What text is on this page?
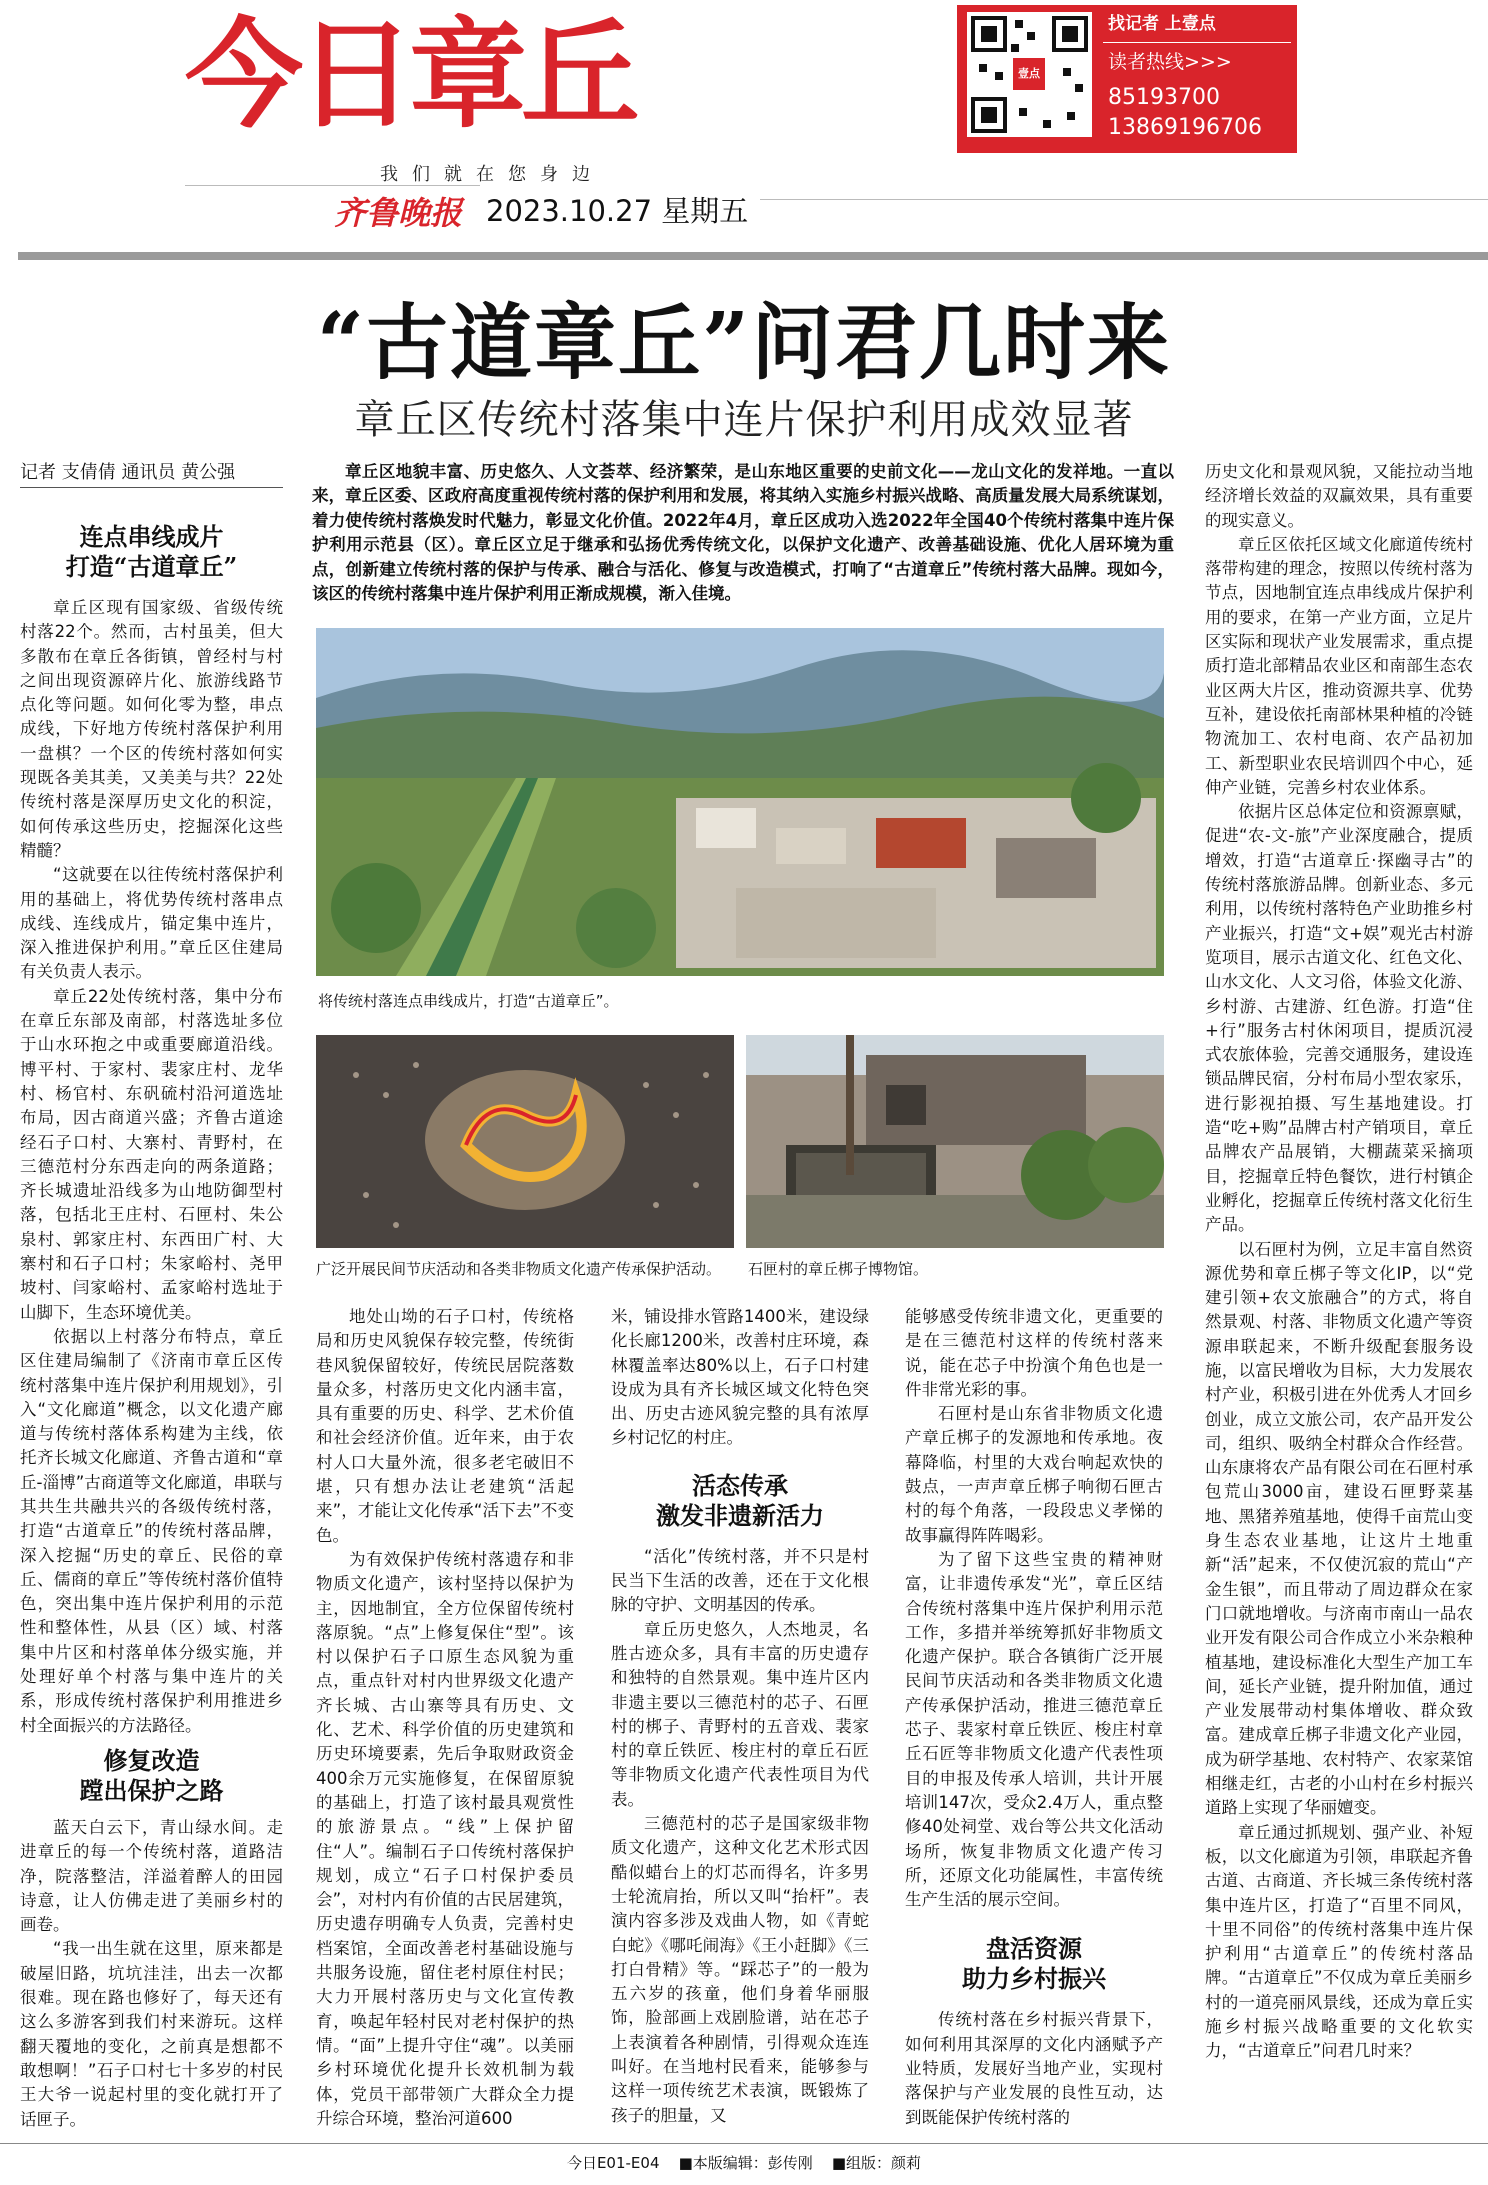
今日章丘
我们就在您身边
齐鲁晚报 2023.10.27 星期五
壹点
找记者 上壹点
读者热线>>>
85193700
13869196706
“古道章丘”问君几时来
章丘区传统村落集中连片保护利用成效显著
记者 支倩倩 通讯员 黄公强	章丘区地貌丰富、历史悠久、人文荟萃、经济繁荣，是山东地区重要的史前文化——龙山文化的发祥地。一直以来，章丘区委、区政府高度重视传统村落的保护利用和发展，将其纳入实施乡村振兴战略、高质量发展大局系统谋划，着力使传统村落焕发时代魅力，彰显文化价值。2022年4月，章丘区成功入选2022年全国40个传统村落集中连片保护利用示范县（区）。章丘区立足于继承和弘扬优秀传统文化，以保护文化遗产、改善基础设施、优化人居环境为重点，创新建立传统村落的保护与传承、融合与活化、修复与改造模式，打响了“古道章丘”传统村落大品牌。现如今，该区的传统村落集中连片保护利用正渐成规模，渐入佳境。

连点串线成片
打造“古道章丘”

章丘区现有国家级、省级传统村落22个。然而，古村虽美，但大多散布在章丘各街镇，曾经村与村之间出现资源碎片化、旅游线路节点化等问题。如何化零为整，串点成线，下好地方传统村落保护利用一盘棋？一个区的传统村落如何实现既各美其美，又美美与共？22处传统村落是深厚历史文化的积淀，如何传承这些历史，挖掘深化这些精髓？

“这就要在以往传统村落保护利用的基础上，将优势传统村落串点成线、连线成片，锚定集中连片，深入推进保护利用。”章丘区住建局有关负责人表示。

章丘22处传统村落，集中分布在章丘东部及南部，村落选址多位于山水环抱之中或重要廊道沿线。博平村、于家村、裴家庄村、龙华村、杨官村、东矾硫村沿河道选址布局，因古商道兴盛；齐鲁古道途经石子口村、大寨村、青野村，在三德范村分东西走向的两条道路；齐长城遗址沿线多为山地防御型村落，包括北王庄村、石匣村、朱公泉村、郭家庄村、东西田广村、大寨村和石子口村；朱家峪村、尧甲坡村、闫家峪村、孟家峪村选址于山脚下，生态环境优美。

依据以上村落分布特点，章丘区住建局编制了《济南市章丘区传统村落集中连片保护利用规划》，引入“文化廊道”概念，以文化遗产廊道与传统村落体系构建为主线，依托齐长城文化廊道、齐鲁古道和“章丘-淄博”古商道等文化廊道，串联与其共生共融共兴的各级传统村落，打造“古道章丘”的传统村落品牌，深入挖掘“历史的章丘、民俗的章丘、儒商的章丘”等传统村落价值特色，突出集中连片保护利用的示范性和整体性，从县（区）域、村落集中片区和村落单体分级实施，并处理好单个村落与集中连片的关系，形成传统村落保护利用推进乡村全面振兴的方法路径。

修复改造
蹚出保护之路

蓝天白云下，青山绿水间。走进章丘的每一个传统村落，道路洁净，院落整洁，洋溢着醉人的田园诗意，让人仿佛走进了美丽乡村的画卷。

“我一出生就在这里，原来都是破屋旧路，坑坑洼洼，出去一次都很难。现在路也修好了，每天还有这么多游客到我们村来游玩。这样翻天覆地的变化，之前真是想都不敢想啊！”石子口村七十多岁的村民王大爷一说起村里的变化就打开了话匣子。

将传统村落连点串线成片，打造“古道章丘”。
广泛开展民间节庆活动和各类非物质文化遗产传承保护活动。 石匣村的章丘梆子博物馆。

地处山坳的石子口村，传统格局和历史风貌保存较完整，传统街巷风貌保留较好，传统民居院落数量众多，村落历史文化内涵丰富，具有重要的历史、科学、艺术价值和社会经济价值。近年来，由于农村人口大量外流，很多老宅破旧不堪，只有想办法让老建筑“活起来”，才能让文化传承“活下去”不变色。

为有效保护传统村落遗存和非物质文化遗产，该村坚持以保护为主，因地制宜，全方位保留传统村落原貌。“点”上修复保住“型”。该村以保护石子口原生态风貌为重点，重点针对村内世界级文化遗产齐长城、古山寨等具有历史、文化、艺术、科学价值的历史建筑和历史环境要素，先后争取财政资金400余万元实施修复，在保留原貌的基础上，打造了该村最具观赏性的旅游景点。“线”上保护留住“人”。编制石子口传统村落保护规划，成立“石子口村保护委员会”，对村内有价值的古民居建筑，历史遗存明确专人负责，完善村史档案馆，全面改善老村基础设施与共服务设施，留住老村原住村民；大力开展村落历史与文化宣传教育，唤起年轻村民对老村保护的热情。“面”上提升守住“魂”。以美丽乡村环境优化提升长效机制为载体，党员干部带领广大群众全力提升综合环境，整治河道600

米，铺设排水管路1400米，建设绿化长廊1200米，改善村庄环境，森林覆盖率达80%以上，石子口村建设成为具有齐长城区域文化特色突出、历史古迹风貌完整的具有浓厚乡村记忆的村庄。

活态传承
激发非遗新活力

“活化”传统村落，并不只是村民当下生活的改善，还在于文化根脉的守护、文明基因的传承。

章丘历史悠久，人杰地灵，名胜古迹众多，具有丰富的历史遗存和独特的自然景观。集中连片区内非遗主要以三德范村的芯子、石匣村的梆子、青野村的五音戏、裴家村的章丘铁匠、梭庄村的章丘石匠等非物质文化遗产代表性项目为代表。

三德范村的芯子是国家级非物质文化遗产，这种文化艺术形式因酷似蜡台上的灯芯而得名，许多男士轮流肩抬，所以又叫“抬杆”。表演内容多涉及戏曲人物，如《青蛇白蛇》《哪吒闹海》《王小赶脚》《三打白骨精》等。“踩芯子”的一般为五六岁的孩童，他们身着华丽服饰，脸部画上戏剧脸谱，站在芯子上表演着各种剧情，引得观众连连叫好。在当地村民看来，能够参与这样一项传统艺术表演，既锻炼了孩子的胆量，又

能够感受传统非遗文化，更重要的是在三德范村这样的传统村落来说，能在芯子中扮演个角色也是一件非常光彩的事。

石匣村是山东省非物质文化遗产章丘梆子的发源地和传承地。夜幕降临，村里的大戏台响起欢快的鼓点，一声声章丘梆子响彻石匣古村的每个角落，一段段忠义孝悌的故事赢得阵阵喝彩。

为了留下这些宝贵的精神财富，让非遗传承发“光”，章丘区结合传统村落集中连片保护利用示范工作，多措并举统筹抓好非物质文化遗产保护。联合各镇街广泛开展民间节庆活动和各类非物质文化遗产传承保护活动，推进三德范章丘芯子、裴家村章丘铁匠、梭庄村章丘石匠等非物质文化遗产代表性项目的申报及传承人培训，共计开展培训147次，受众2.4万人，重点整修40处祠堂、戏台等公共文化活动场所，恢复非物质文化遗产传习所，还原文化功能属性，丰富传统生产生活的展示空间。

盘活资源
助力乡村振兴

传统村落在乡村振兴背景下，如何利用其深厚的文化内涵赋予产业特质，发展好当地产业，实现村落保护与产业发展的良性互动，达到既能保护传统村落的

历史文化和景观风貌，又能拉动当地经济增长效益的双赢效果，具有重要的现实意义。

章丘区依托区域文化廊道传统村落带构建的理念，按照以传统村落为节点，因地制宜连点串线成片保护利用的要求，在第一产业方面，立足片区实际和现状产业发展需求，重点提质打造北部精品农业区和南部生态农业区两大片区，推动资源共享、优势互补，建设依托南部林果种植的冷链物流加工、农村电商、农产品初加工、新型职业农民培训四个中心，延伸产业链，完善乡村农业体系。

依据片区总体定位和资源禀赋，促进“农-文-旅”产业深度融合，提质增效，打造“古道章丘·探幽寻古”的传统村落旅游品牌。创新业态、多元利用，以传统村落特色产业助推乡村产业振兴，打造“文+娱”观光古村游览项目，展示古道文化、红色文化、山水文化、人文习俗，体验文化游、乡村游、古建游、红色游。打造“住+行”服务古村休闲项目，提质沉浸式农旅体验，完善交通服务，建设连锁品牌民宿，分村布局小型农家乐，进行影视拍摄、写生基地建设。打造“吃+购”品牌古村产销项目，章丘品牌农产品展销，大棚蔬菜采摘项目，挖掘章丘特色餐饮，进行村镇企业孵化，挖掘章丘传统村落文化衍生产品。

以石匣村为例，立足丰富自然资源优势和章丘梆子等文化IP，以“党建引领+农文旅融合”的方式，将自然景观、村落、非物质文化遗产等资源串联起来，不断升级配套服务设施，以富民增收为目标，大力发展农村产业，积极引进在外优秀人才回乡创业，成立文旅公司，农产品开发公司，组织、吸纳全村群众合作经营。山东康将农产品有限公司在石匣村承包荒山3000亩，建设石匣野菜基地、黑猪养殖基地，使得千亩荒山变身生态农业基地，让这片土地重新“活”起来，不仅使沉寂的荒山“产金生银”，而且带动了周边群众在家门口就地增收。与济南市南山一品农业开发有限公司合作成立小米杂粮种植基地，建设标准化大型生产加工车间，延长产业链，提升附加值，通过产业发展带动村集体增收、群众致富。建成章丘梆子非遗文化产业园，成为研学基地、农村特产、农家菜馆相继走红，古老的小山村在乡村振兴道路上实现了华丽嬗变。

章丘通过抓规划、强产业、补短板，以文化廊道为引领，串联起齐鲁古道、古商道、齐长城三条传统村落集中连片区，打造了“百里不同风，十里不同俗”的传统村落集中连片保护利用“古道章丘”的传统村落品牌。“古道章丘”不仅成为章丘美丽乡村的一道亮丽风景线，还成为章丘实施乡村振兴战略重要的文化软实力，“古道章丘”问君几时来？

今日E01-E04 ■本版编辑：彭传刚 ■组版：颜莉
